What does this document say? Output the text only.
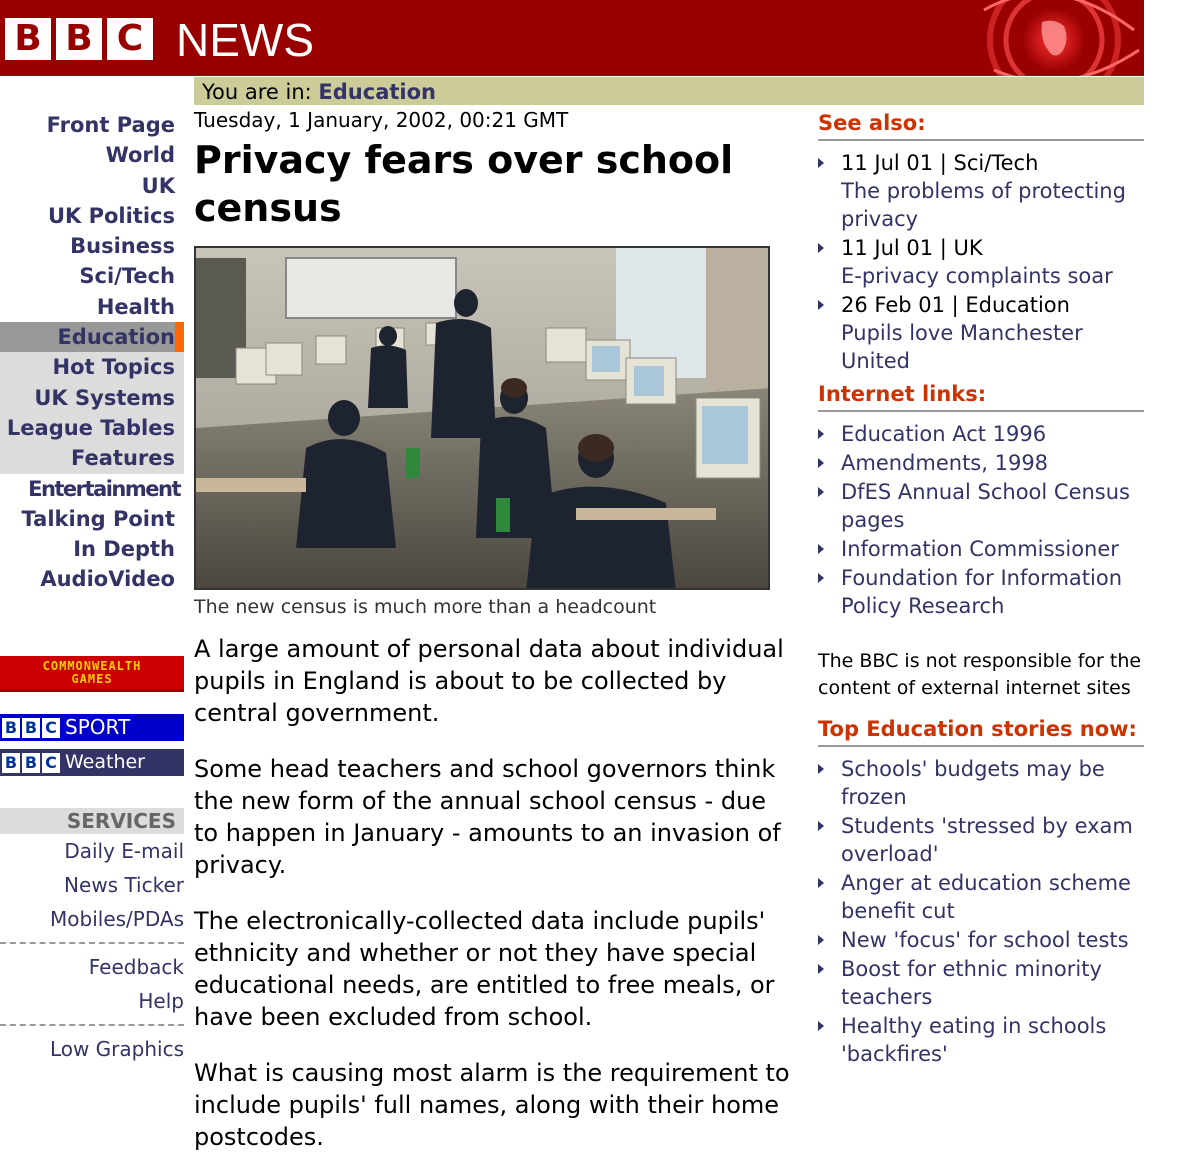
B B C NEWS
You are in: Education
Front Page
World
UK
UK Politics
Business
Sci/Tech
Health
Education
Hot Topics
UK Systems
League Tables
Features
Entertainment
Talking Point
In Depth
AudioVideo
COMMONWEALTH
GAMES
B B C SPORT
B B C Weather
SERVICES
Daily E-mail
News Ticker
Mobiles/PDAs
Feedback
Help
Low Graphics
Tuesday, 1 January, 2002, 00:21 GMT
Privacy fears over school census
The new census is much more than a headcount

A large amount of personal data about individual pupils in England is about to be collected by central government.

Some head teachers and school governors think the new form of the annual school census - due to happen in January - amounts to an invasion of privacy.

The electronically-collected data include pupils' ethnicity and whether or not they have special educational needs, are entitled to free meals, or have been excluded from school.

What is causing most alarm is the requirement to include pupils' full names, along with their home postcodes.

See also:
11 Jul 01 | Sci/Tech
The problems of protecting privacy
11 Jul 01 | UK
E-privacy complaints soar
26 Feb 01 | Education
Pupils love Manchester United
Internet links:
Education Act 1996
Amendments, 1998
DfES Annual School Census pages
Information Commissioner
Foundation for Information Policy Research

The BBC is not responsible for the content of external internet sites

Top Education stories now:
Schools' budgets may be frozen
Students 'stressed by exam overload'
Anger at education scheme benefit cut
New 'focus' for school tests
Boost for ethnic minority teachers
Healthy eating in schools 'backfires'
